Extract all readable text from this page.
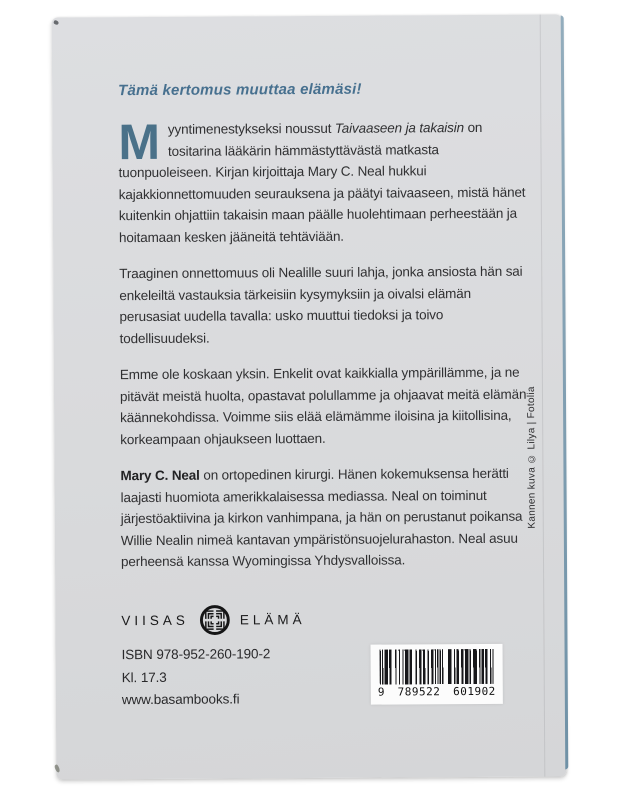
Tämä kertomus muuttaa elämäsi!

Myyntimenestykseksi noussut Taivaaseen ja takaisin on tositarina lääkärin hämmästyttävästä matkasta tuonpuoleiseen. Kirjan kirjoittaja Mary C. Neal hukkui kajakkionnettomuuden seurauksena ja päätyi taivaaseen, mistä hänet kuitenkin ohjattiin takaisin maan päälle huolehtimaan perheestään ja hoitamaan kesken jääneitä tehtäviään.

Traaginen onnettomuus oli Nealille suuri lahja, jonka ansiosta hän sai enkeleiltä vastauksia tärkeisiin kysymyksiin ja oivalsi elämän perusasiat uudella tavalla: usko muuttui tiedoksi ja toivo todellisuudeksi.

Emme ole koskaan yksin. Enkelit ovat kaikkialla ympärillämme, ja ne pitävät meistä huolta, opastavat polullamme ja ohjaavat meitä elämän käännekohdissa. Voimme siis elää elämämme iloisina ja kiitollisina, korkeampaan ohjaukseen luottaen.

Mary C. Neal on ortopedinen kirurgi. Hänen kokemuksensa herätti laajasti huomiota amerikkalaisessa mediassa. Neal on toiminut järjestöaktiivina ja kirkon vanhimpana, ja hän on perustanut poikansa Willie Nealin nimeä kantavan ympäristönsuojelurahaston. Neal asuu perheensä kanssa Wyomingissa Yhdysvalloissa.

VIISAS	ELÄMÄ
ISBN 978-952-260-190-2
Kl. 17.3
www.basambooks.fi	9 789522 601902
Kannen kuva © Lilya | Fotolia
